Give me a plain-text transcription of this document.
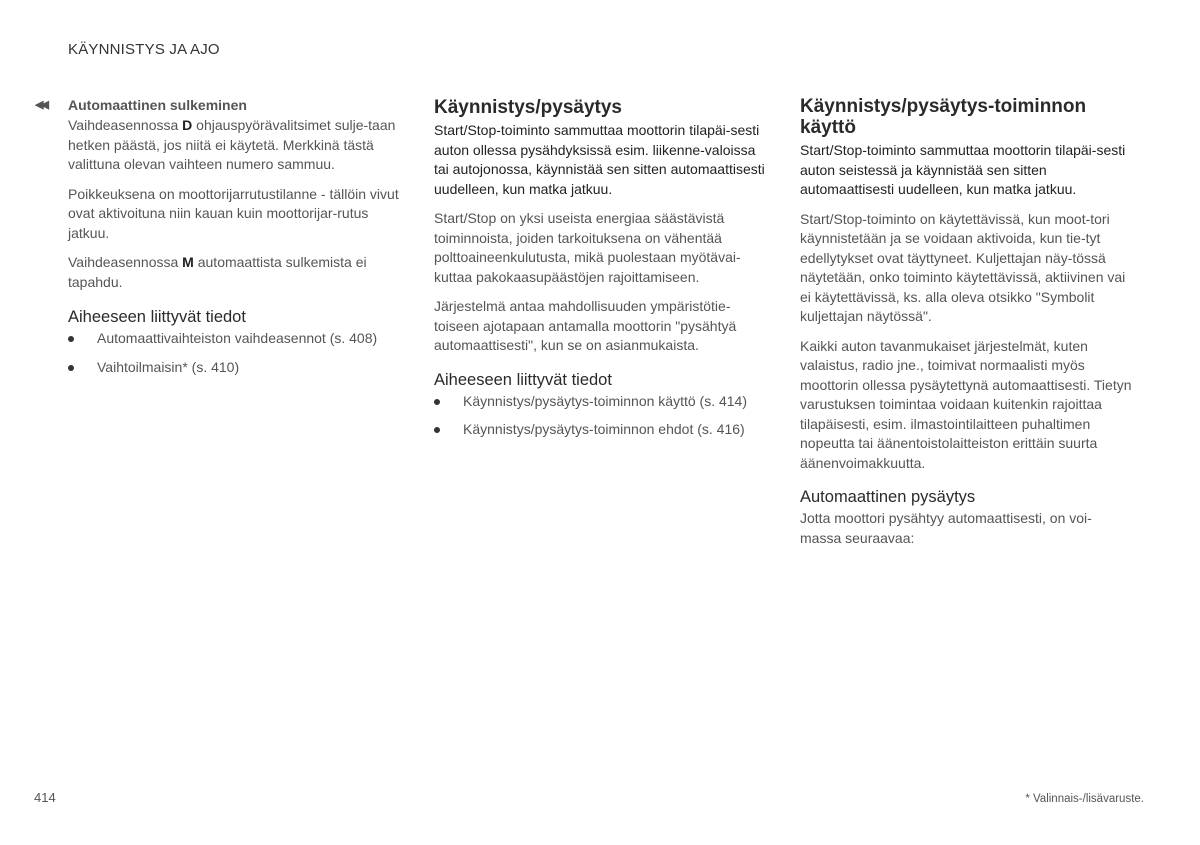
KÄYNNISTYS JA AJO
◀◀ Automaattinen sulkeminen

Vaihdeasennossa D ohjauspyörävalitsimet sulje-taan hetken päästä, jos niitä ei käytetä. Merkkinä tästä valittuna olevan vaihteen numero sammuu.

Poikkeuksena on moottorijarrutustilanne - tällöin vivut ovat aktivoituna niin kauan kuin moottorijar-rutus jatkuu.

Vaihdeasennossa M automaattista sulkemista ei tapahdu.

Aiheeseen liittyvät tiedot
Automaattivaihteiston vaihdeasennot (s. 408)
Vaihtoilmaisin* (s. 410)
Käynnistys/pysäytys

Start/Stop-toiminto sammuttaa moottorin tilapäi-sesti auton ollessa pysähdyksissä esim. liikenne-valoissa tai autojonossa, käynnistää sen sitten automaattisesti uudelleen, kun matka jatkuu.

Start/Stop on yksi useista energiaa säästävistä toiminnoista, joiden tarkoituksena on vähentää polttoaineenkulutusta, mikä puolestaan myötävai-kuttaa pakokaasupäästöjen rajoittamiseen.

Järjestelmä antaa mahdollisuuden ympäristötie-toiseen ajotapaan antamalla moottorin "pysähtyä automaattisesti", kun se on asianmukaista.

Aiheeseen liittyvät tiedot
Käynnistys/pysäytys-toiminnon käyttö (s. 414)
Käynnistys/pysäytys-toiminnon ehdot (s. 416)
Käynnistys/pysäytys-toiminnon käyttö

Start/Stop-toiminto sammuttaa moottorin tilapäi-sesti auton seistessä ja käynnistää sen sitten automaattisesti uudelleen, kun matka jatkuu.

Start/Stop-toiminto on käytettävissä, kun moot-tori käynnistetään ja se voidaan aktivoida, kun tie-tyt edellytykset ovat täyttyneet. Kuljettajan näy-tössä näytetään, onko toiminto käytettävissä, aktiivinen vai ei käytettävissä, ks. alla oleva otsikko "Symbolit kuljettajan näytössä".

Kaikki auton tavanmukaiset järjestelmät, kuten valaistus, radio jne., toimivat normaalisti myös moottorin ollessa pysäytettynä automaattisesti. Tietyn varustuksen toimintaa voidaan kuitenkin rajoittaa tilapäisesti, esim. ilmastointilaitteen puhaltimen nopeutta tai äänentoistolaitteiston erittäin suurta äänenvoimakkuutta.

Automaattinen pysäytys

Jotta moottori pysähtyy automaattisesti, on voi-massa seuraavaa:

414	* Valinnais-/lisävaruste.
